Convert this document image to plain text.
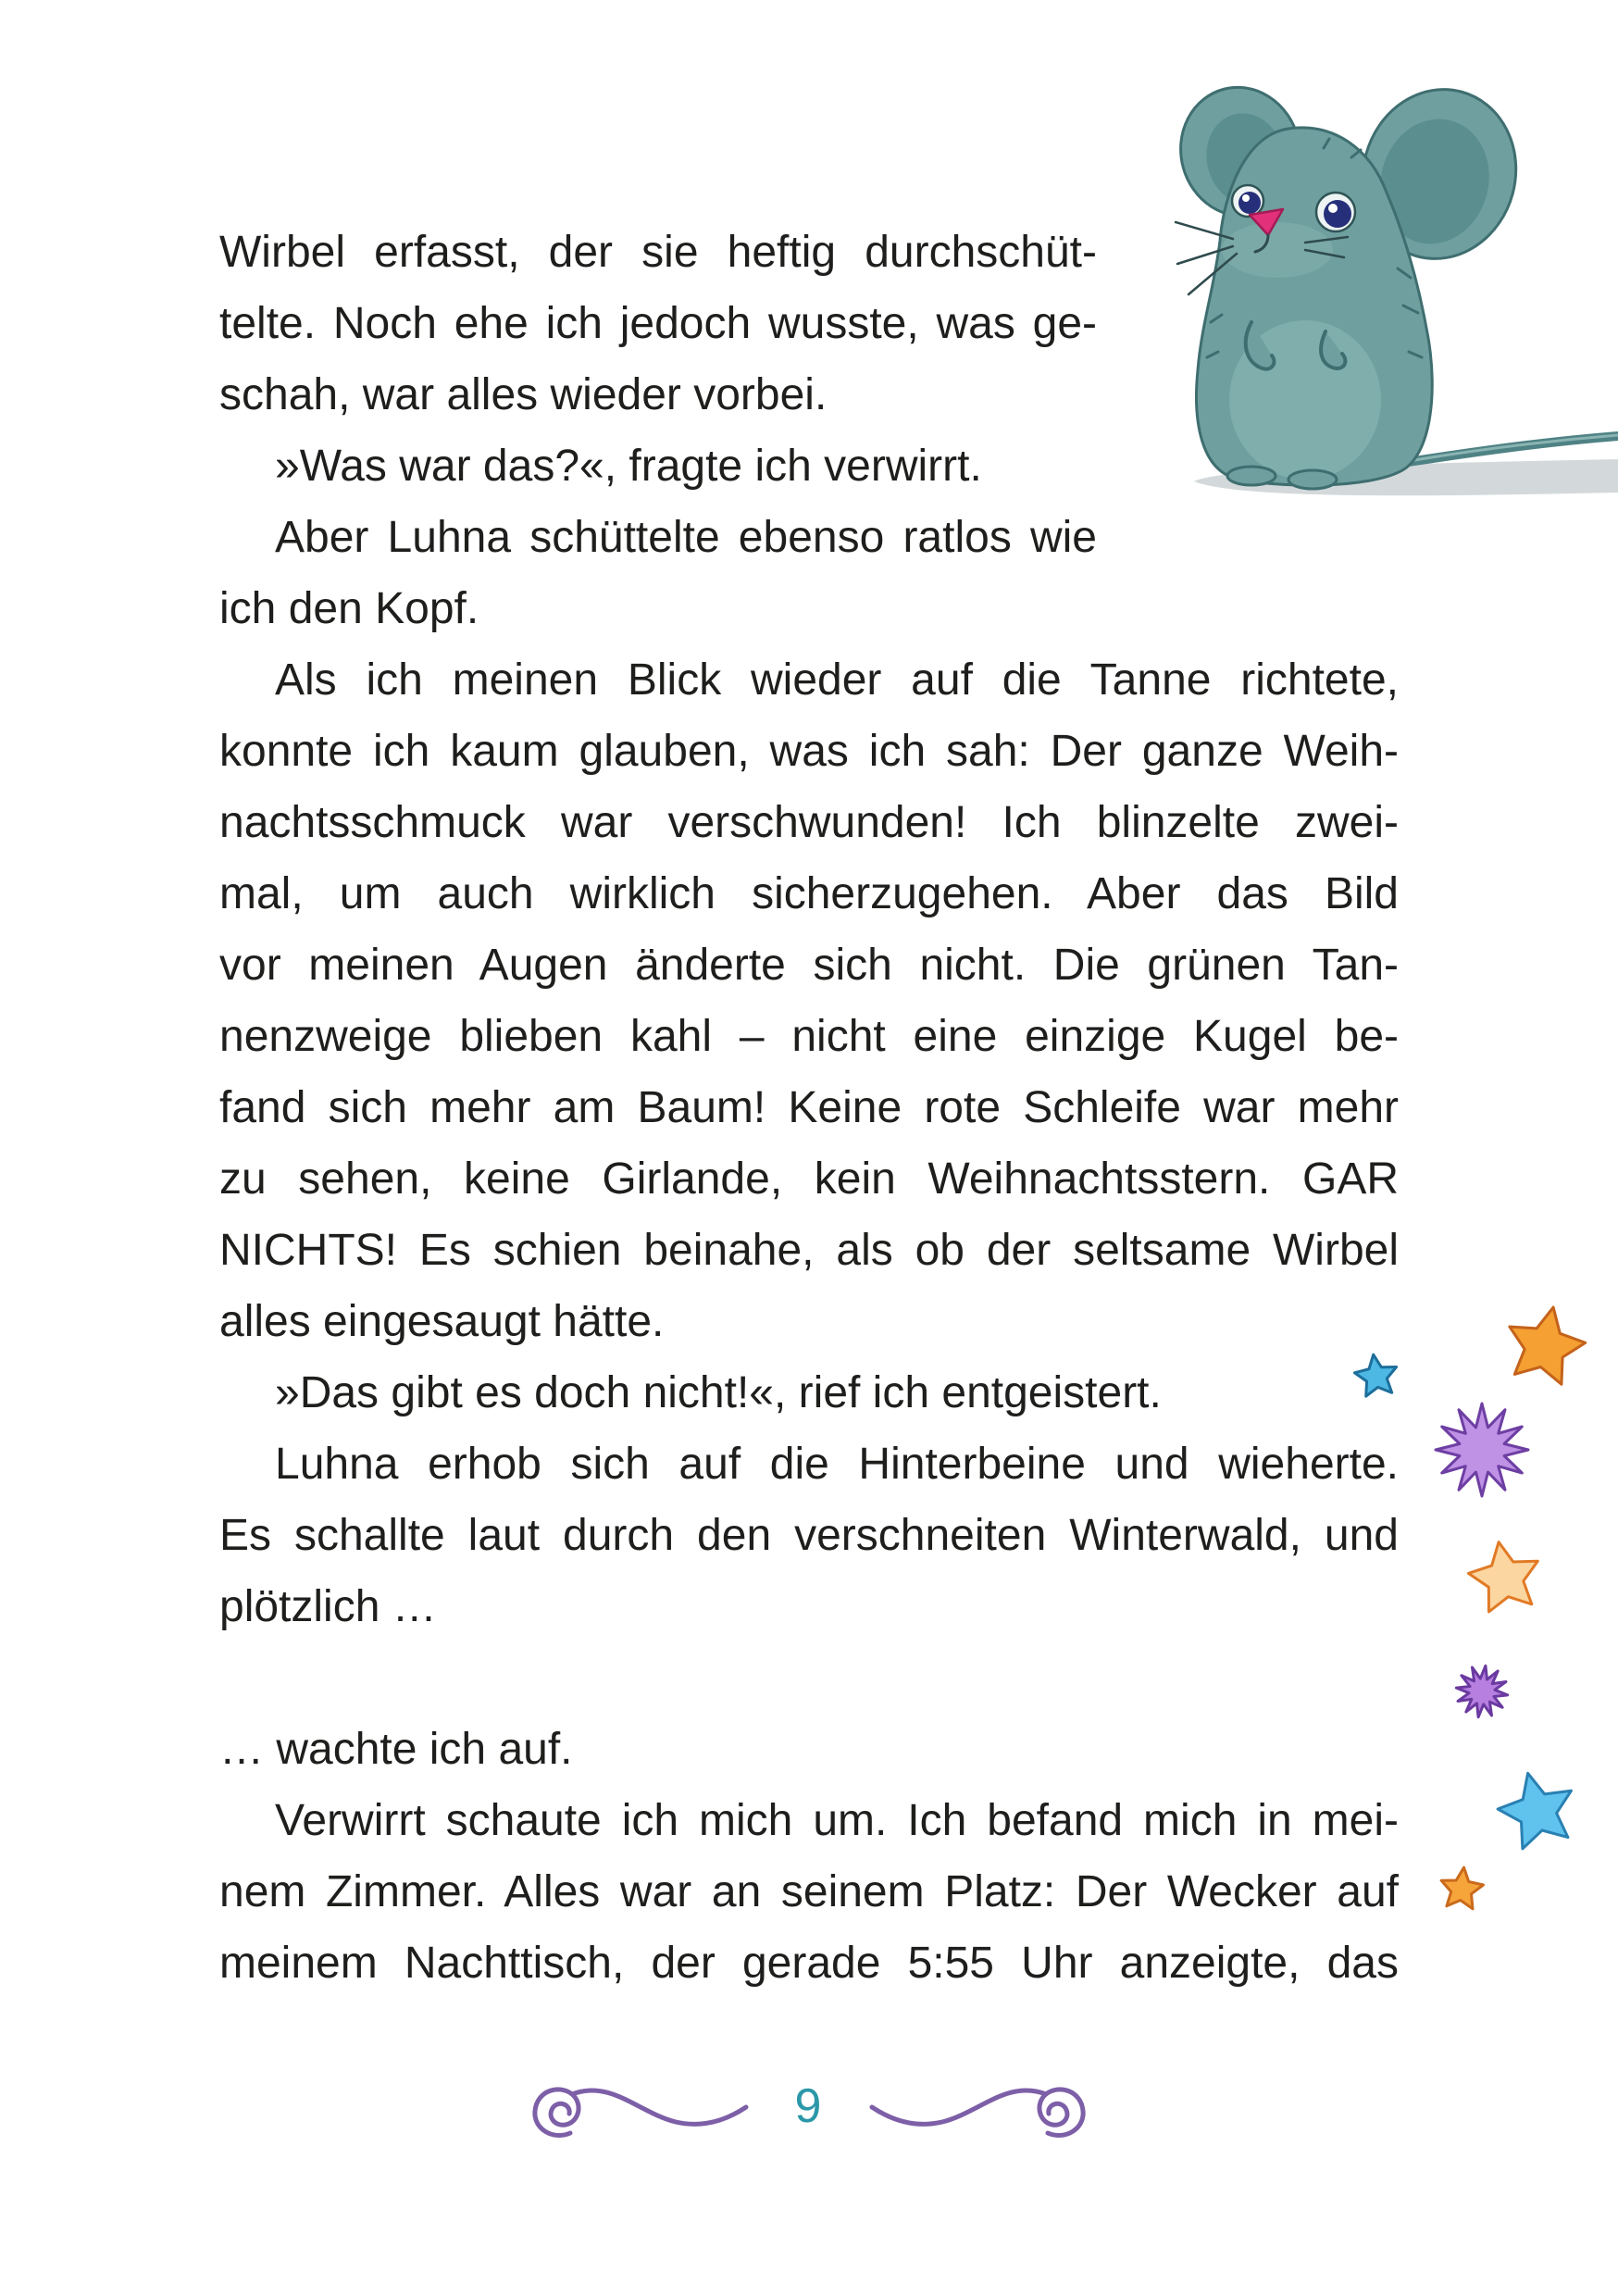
Wirbel erfasst, der sie heftig durchschüt-
telte. Noch ehe ich jedoch wusste, was ge-
schah, war alles wieder vorbei.
»Was war das?«, fragte ich verwirrt.
Aber Luhna schüttelte ebenso ratlos wie
ich den Kopf.
Als ich meinen Blick wieder auf die Tanne richtete,
konnte ich kaum glauben, was ich sah: Der ganze Weih-
nachtsschmuck war verschwunden! Ich blinzelte zwei-
mal, um auch wirklich sicherzugehen. Aber das Bild
vor meinen Augen änderte sich nicht. Die grünen Tan-
nenzweige blieben kahl – nicht eine einzige Kugel be-
fand sich mehr am Baum! Keine rote Schleife war mehr
zu sehen, keine Girlande, kein Weihnachtsstern. GAR
NICHTS! Es schien beinahe, als ob der seltsame Wirbel
alles eingesaugt hätte.
»Das gibt es doch nicht!«, rief ich entgeistert.
Luhna erhob sich auf die Hinterbeine und wieherte.
Es schallte laut durch den verschneiten Winterwald, und
plötzlich …
… wachte ich auf.
Verwirrt schaute ich mich um. Ich befand mich in mei-
nem Zimmer. Alles war an seinem Platz: Der Wecker auf
meinem Nachttisch, der gerade 5:55 Uhr anzeigte, das
9
